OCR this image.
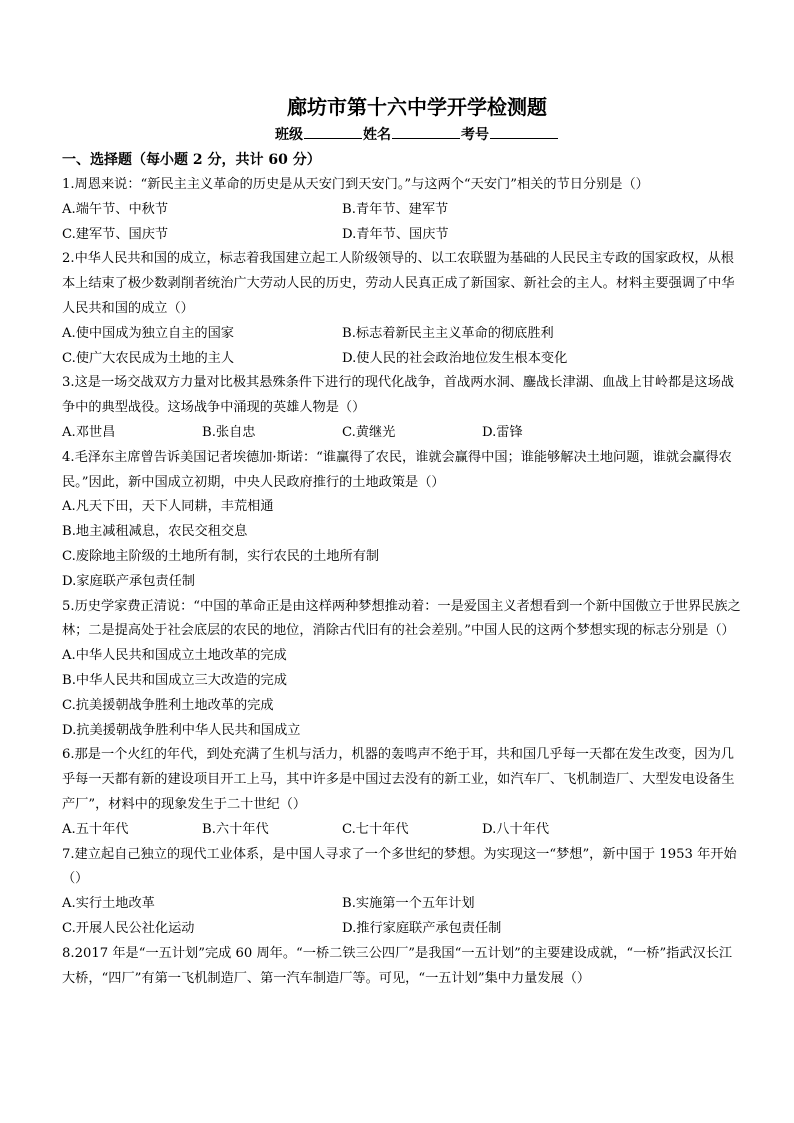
廊坊市第十六中学开学检测题
班级	姓名	考号
一、选择题（每小题 2 分，共计 60 分）
1.周恩来说：“新民主主义革命的历史是从天安门到天安门。”与这两个“天安门”相关的节日分别是（）
A.端午节、中秋节	B.青年节、建军节
C.建军节、国庆节	D.青年节、国庆节
2.中华人民共和国的成立，标志着我国建立起工人阶级领导的、以工农联盟为基础的人民民主专政的国家政权，从根本上结束了极少数剥削者统治广大劳动人民的历史，劳动人民真正成了新国家、新社会的主人。材料主要强调了中华人民共和国的成立（）
A.使中国成为独立自主的国家	B.标志着新民主主义革命的彻底胜利
C.使广大农民成为土地的主人	D.使人民的社会政治地位发生根本变化
3.这是一场交战双方力量对比极其悬殊条件下进行的现代化战争，首战两水洞、鏖战长津湖、血战上甘岭都是这场战争中的典型战役。这场战争中涌现的英雄人物是（）
A.邓世昌	B.张自忠	C.黄继光	D.雷锋
4.毛泽东主席曾告诉美国记者埃德加·斯诺：“谁赢得了农民，谁就会赢得中国；谁能够解决土地问题，谁就会赢得农民。”因此，新中国成立初期，中央人民政府推行的土地政策是（）
A.凡天下田，天下人同耕，丰荒相通
B.地主减租减息，农民交租交息
C.废除地主阶级的土地所有制，实行农民的土地所有制
D.家庭联产承包责任制
5.历史学家费正清说：“中国的革命正是由这样两种梦想推动着：一是爱国主义者想看到一个新中国傲立于世界民族之林；二是提高处于社会底层的农民的地位，消除古代旧有的社会差别。”中国人民的这两个梦想实现的标志分别是（）
A.中华人民共和国成立土地改革的完成
B.中华人民共和国成立三大改造的完成
C.抗美援朝战争胜利土地改革的完成
D.抗美援朝战争胜利中华人民共和国成立
6.那是一个火红的年代，到处充满了生机与活力，机器的轰鸣声不绝于耳，共和国几乎每一天都在发生改变，因为几乎每一天都有新的建设项目开工上马，其中许多是中国过去没有的新工业，如汽车厂、飞机制造厂、大型发电设备生产厂”，材料中的现象发生于二十世纪（）
A.五十年代	B.六十年代	C.七十年代	D.八十年代
7.建立起自己独立的现代工业体系，是中国人寻求了一个多世纪的梦想。为实现这一“梦想”，新中国于 1953 年开始（）
A.实行土地改革	B.实施第一个五年计划
C.开展人民公社化运动	D.推行家庭联产承包责任制
8.2017 年是“一五计划”完成 60 周年。“一桥二铁三公四厂”是我国“一五计划”的主要建设成就，“一桥”指武汉长江大桥，“四厂”有第一飞机制造厂、第一汽车制造厂等。可见，“一五计划”集中力量发展（）
